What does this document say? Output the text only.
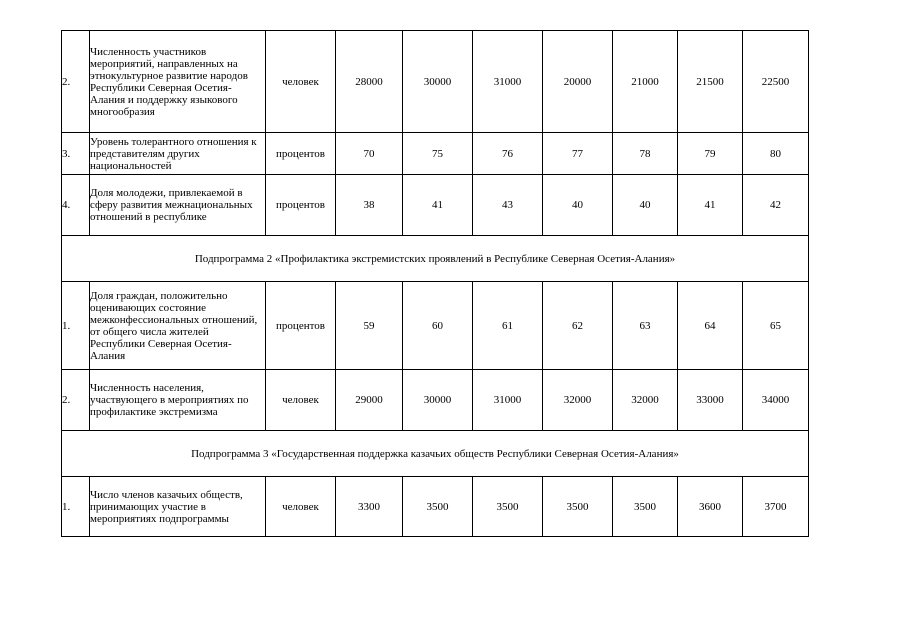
2.	Численность участников мероприятий, направленных на этнокультурное развитие народов Республики Северная Осетия-Алания и поддержку языкового многообразия	человек	28000	30000	31000	20000	21000	21500	22500
3.	Уровень толерантного отношения к представителям других национальностей	процентов	70	75	76	77	78	79	80
4.	Доля молодежи, привлекаемой в сферу развития межнациональных отношений в республике	процентов	38	41	43	40	40	41	42
Подпрограмма 2 «Профилактика экстремистских проявлений в Республике Северная Осетия-Алания»									
1.	Доля граждан, положительно оценивающих состояние межконфессиональных отношений, от общего числа жителей Республики Северная Осетия-Алания	процентов	59	60	61	62	63	64	65
2.	Численность населения, участвующего в мероприятиях по профилактике экстремизма	человек	29000	30000	31000	32000	32000	33000	34000
Подпрограмма 3 «Государственная поддержка казачьих обществ Республики Северная Осетия-Алания»									
1.	Число членов казачьих обществ, принимающих участие в мероприятиях подпрограммы	человек	3300	3500	3500	3500	3500	3600	3700
